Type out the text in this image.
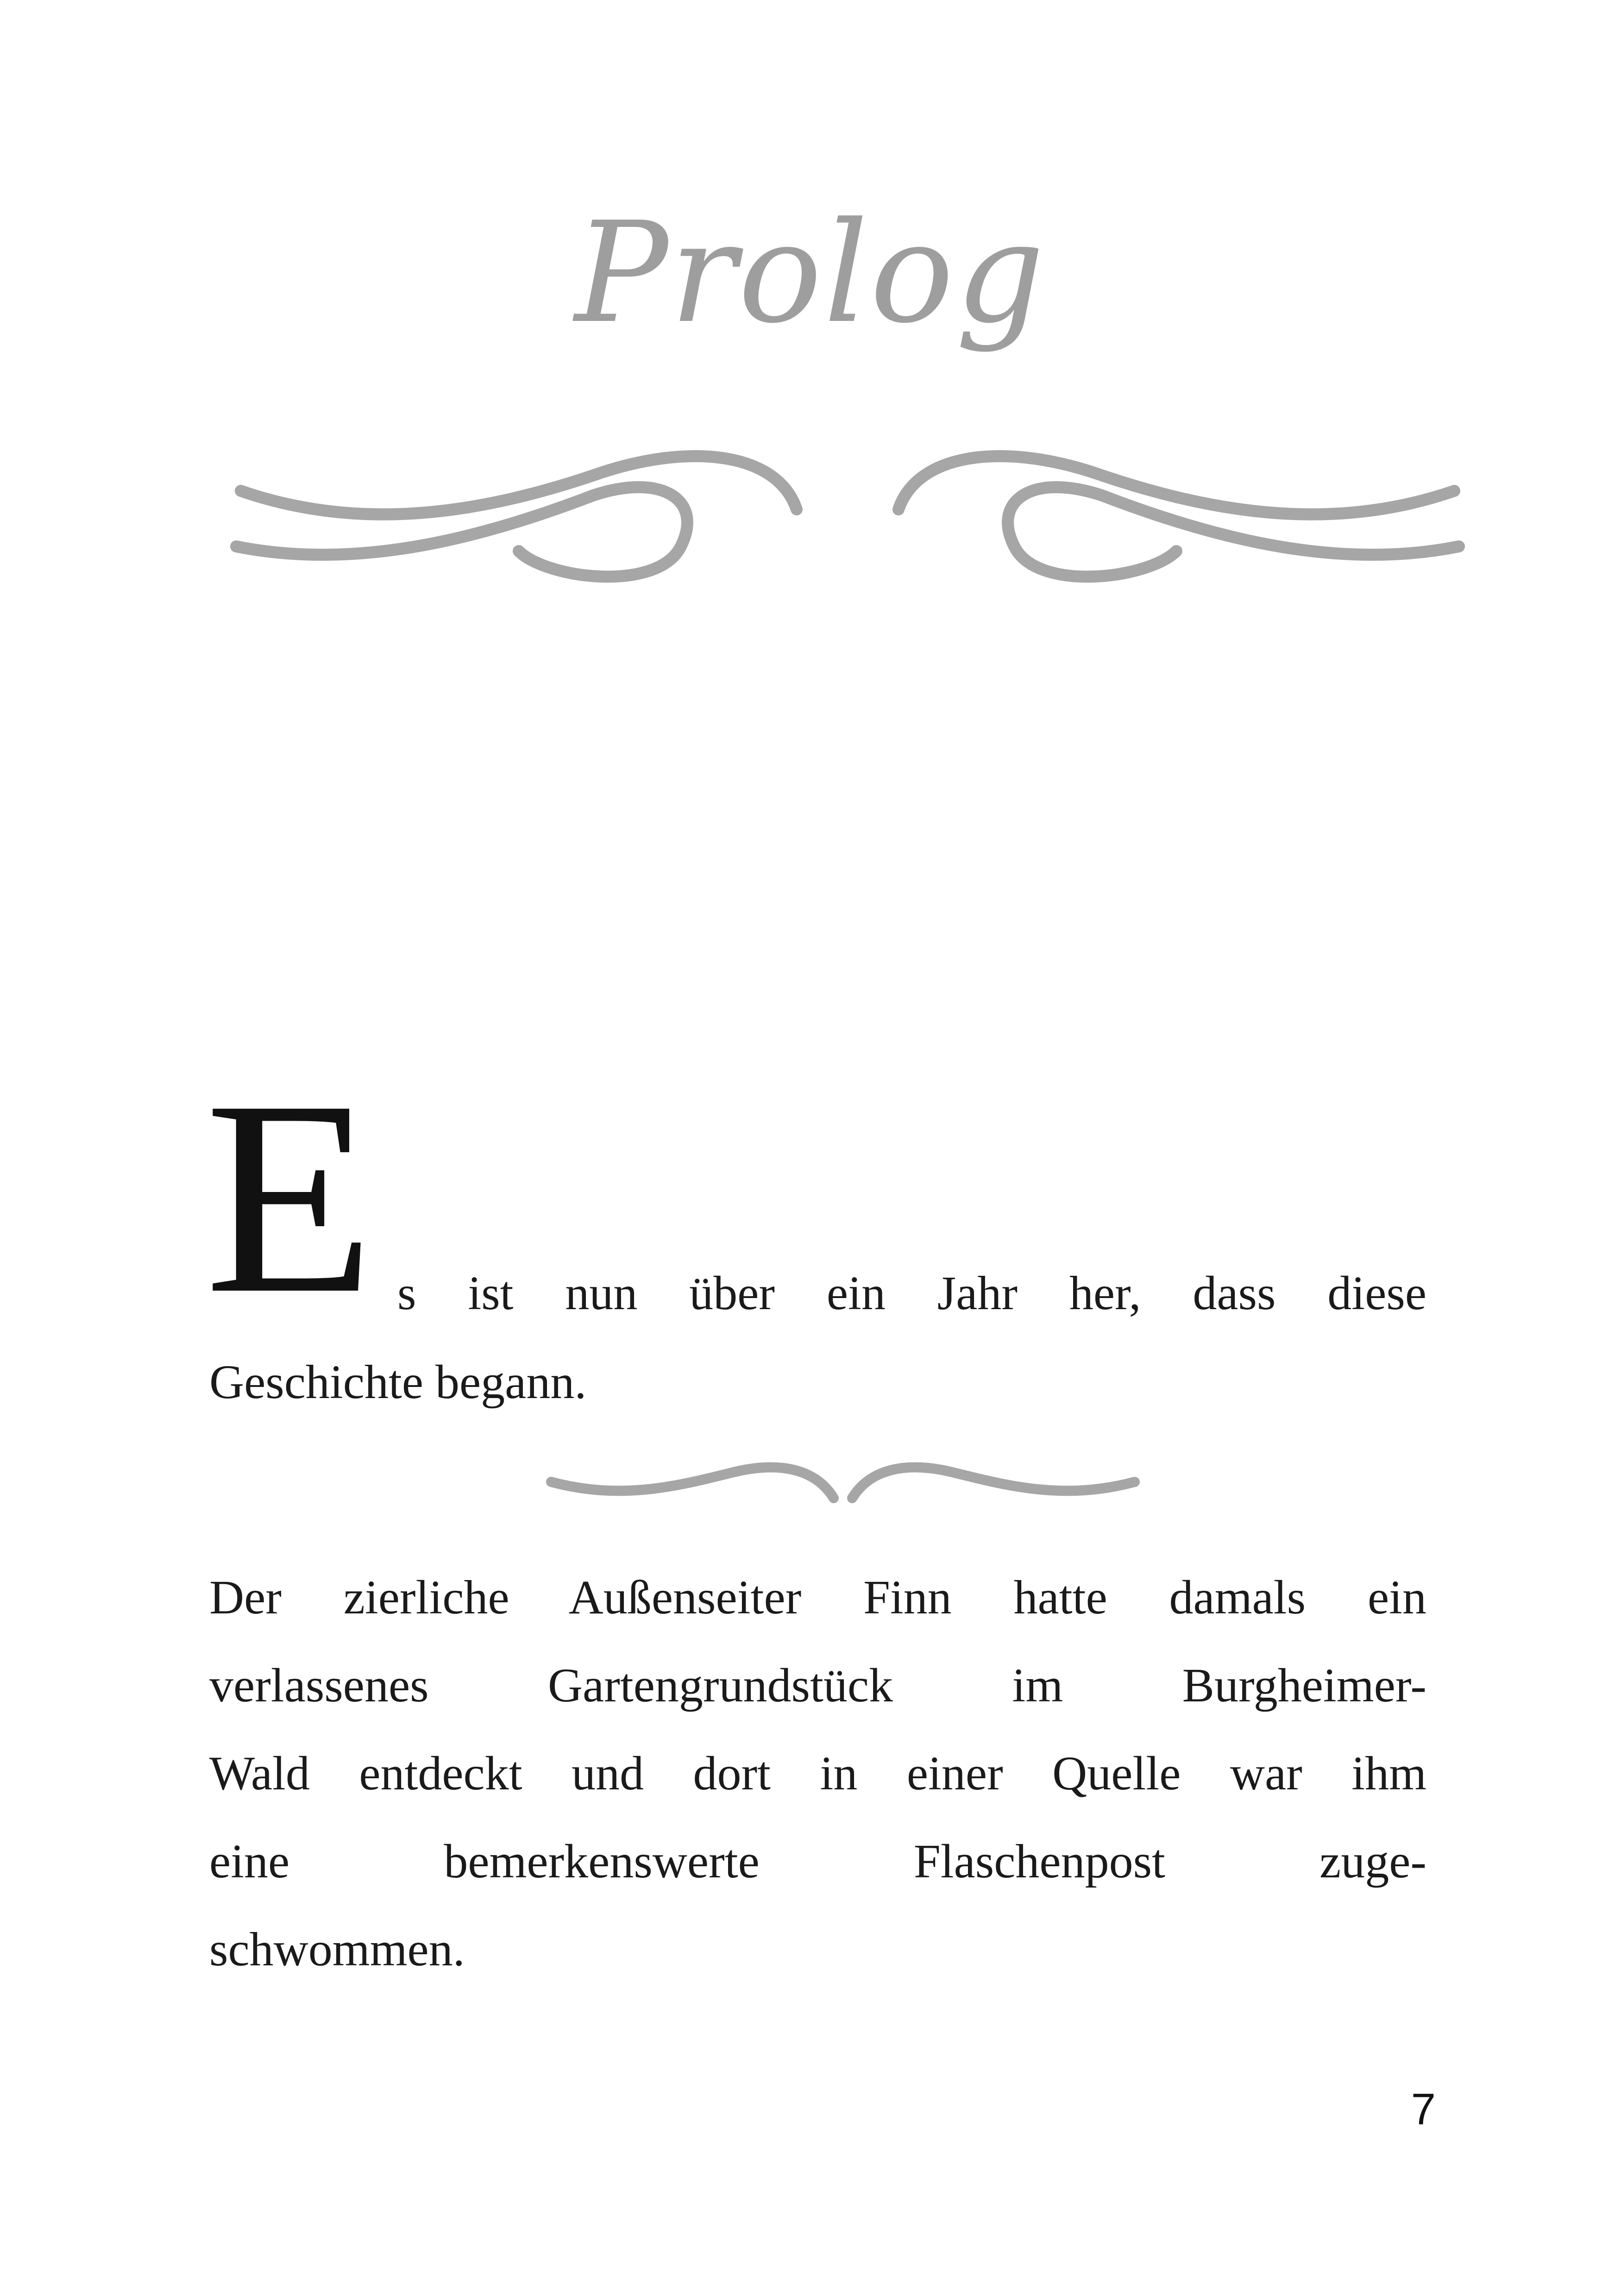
Prolog
E s ist nun über ein Jahr her, dass diese
Geschichte begann.
Der zierliche Außenseiter Finn hatte damals ein
verlassenes Gartengrundstück im Burgheimer-
Wald entdeckt und dort in einer Quelle war ihm
eine bemerkenswerte Flaschenpost zuge-
schwommen.
7
